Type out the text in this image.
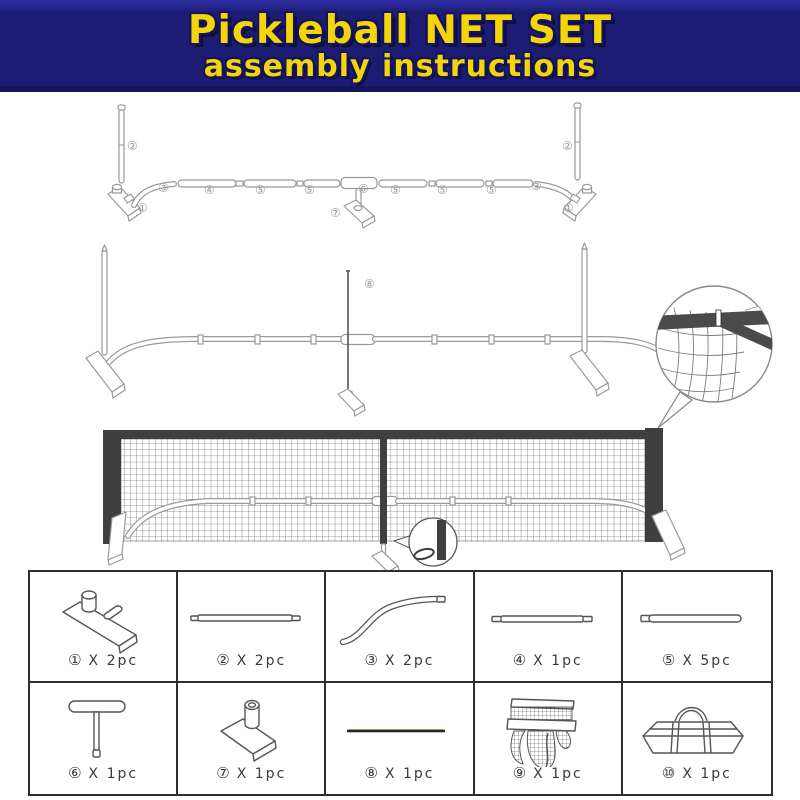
Pickleball NET SET
assembly instructions
②
①
③	④	⑤	⑤	⑥
⑦
⑤	⑤	⑤	③
②
①
⑧
① X 2pc	② X 2pc	③ X 2pc	④ X 1pc	⑤ X 5pc
⑥ X 1pc	⑦ X 1pc	⑧ X 1pc	⑨ X 1pc	⑩ X 1pc
